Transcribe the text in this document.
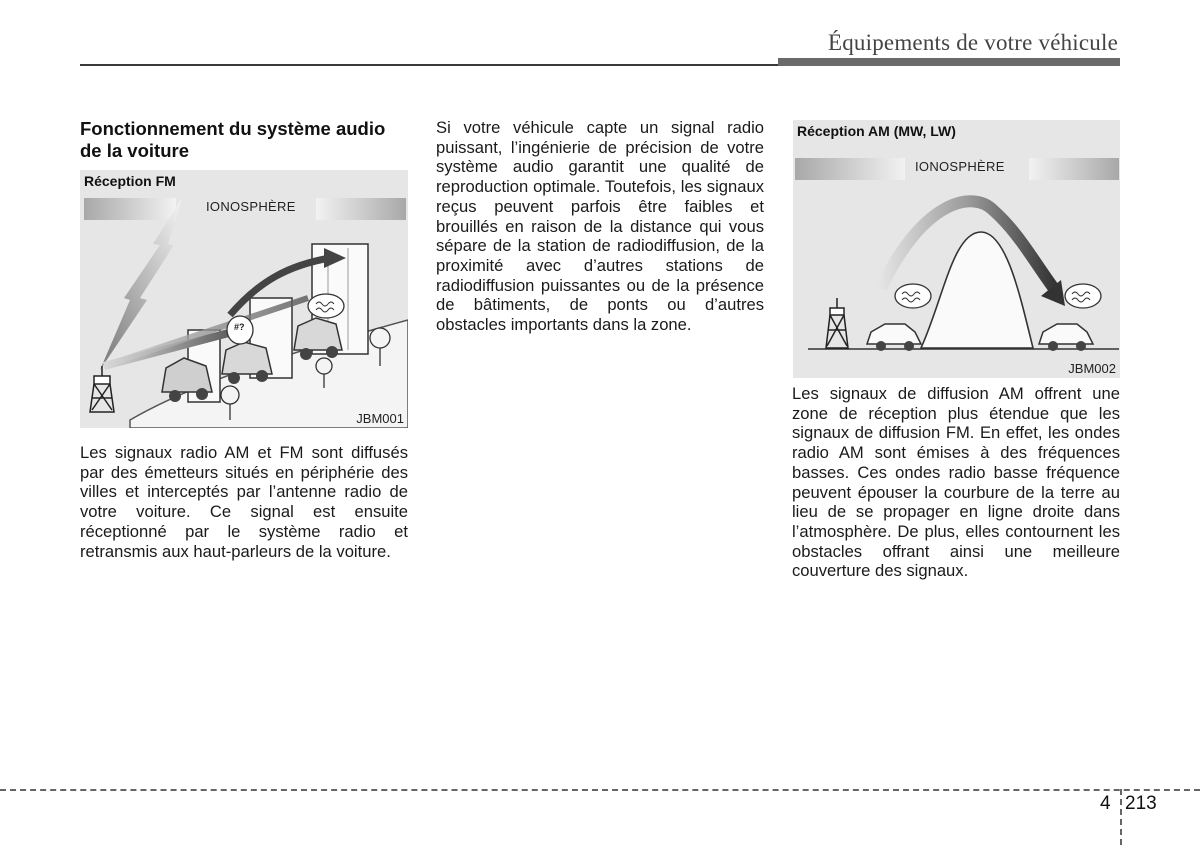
Équipements de votre véhicule
Fonctionnement du système audio de la voiture
Réception FM
IONOSPHÈRE
#?
JBM001
Les signaux radio AM et FM sont diffusés par des émetteurs situés en périphérie des villes et interceptés par l’antenne radio de votre voiture. Ce signal est ensuite réceptionné par le système radio et retransmis aux haut-parleurs de la voiture.
Si votre véhicule capte un signal radio puissant, l’ingénierie de précision de votre système audio garantit une qualité de reproduction optimale. Toutefois, les signaux reçus peuvent parfois être faibles et brouillés en raison de la distance qui vous sépare de la station de radiodiffusion, de la proximité avec d’autres stations de radiodiffusion puissantes ou de la présence de bâtiments, de ponts ou d’autres obstacles importants dans la zone.
Réception AM (MW, LW)
IONOSPHÈRE
JBM002
Les signaux de diffusion AM offrent une zone de réception plus étendue que les signaux de diffusion FM. En effet, les ondes radio AM sont émises à des fréquences basses. Ces ondes radio basse fréquence peuvent épouser la courbure de la terre au lieu de se propager en ligne droite dans l’atmosphère. De plus, elles contournent les obstacles offrant ainsi une meilleure couverture des signaux.
4 213
